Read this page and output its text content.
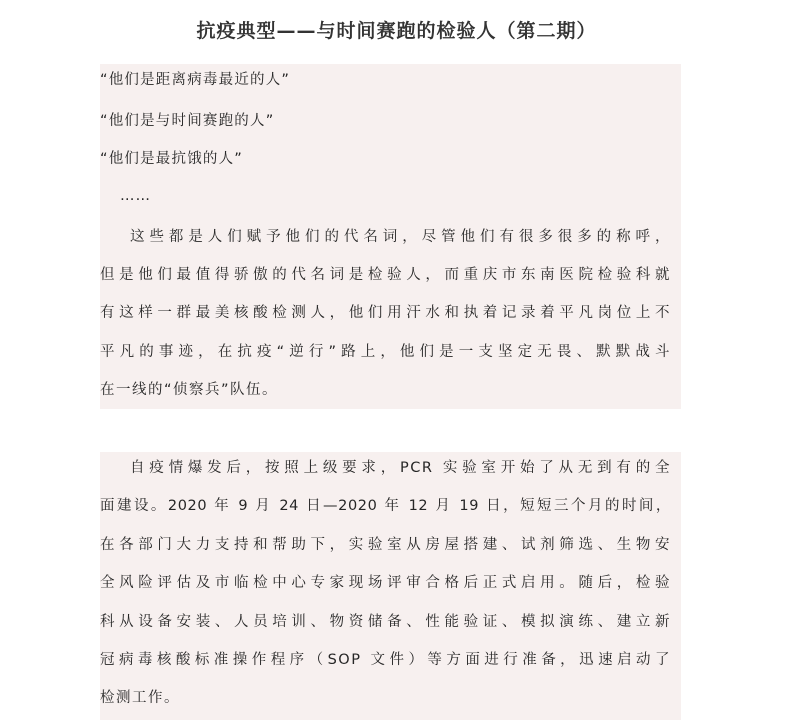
抗疫典型——与时间赛跑的检验人（第二期）
“他们是距离病毒最近的人”
“他们是与时间赛跑的人”
“他们是最抗饿的人”
……
这些都是人们赋予他们的代名词，尽管他们有很多很多的称呼，
但是他们最值得骄傲的代名词是检验人，而重庆市东南医院检验科就
有这样一群最美核酸检测人，他们用汗水和执着记录着平凡岗位上不
平凡的事迹，在抗疫“逆行”路上，他们是一支坚定无畏、默默战斗
在一线的“侦察兵”队伍。
自疫情爆发后，按照上级要求，PCR 实验室开始了从无到有的全
面建设。2020 年 9 月 24 日—2020 年 12 月 19 日，短短三个月的时间，
在各部门大力支持和帮助下，实验室从房屋搭建、试剂筛选、生物安
全风险评估及市临检中心专家现场评审合格后正式启用。随后，检验
科从设备安装、人员培训、物资储备、性能验证、模拟演练、建立新
冠病毒核酸标准操作程序（SOP 文件）等方面进行准备，迅速启动了
检测工作。
